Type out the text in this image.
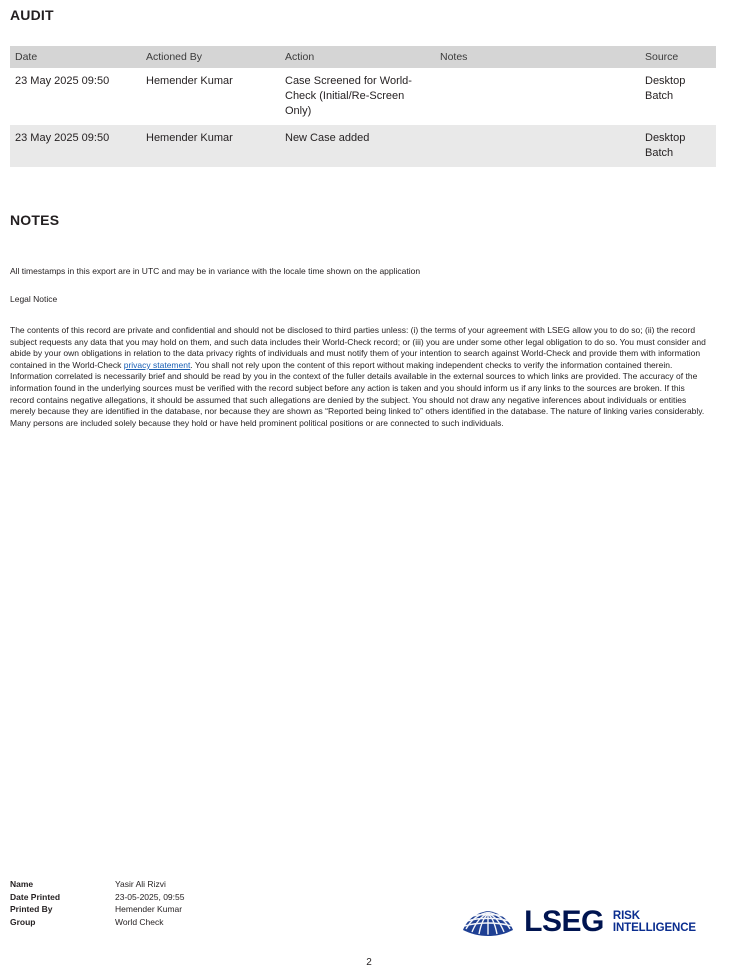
AUDIT
Date	Actioned By	Action	Notes	Source
23 May 2025 09:50	Hemender Kumar	Case Screened for World-Check (Initial/Re-Screen Only)		Desktop Batch
23 May 2025 09:50	Hemender Kumar	New Case added		Desktop Batch
NOTES
All timestamps in this export are in UTC and may be in variance with the locale time shown on the application
Legal Notice
The contents of this record are private and confidential and should not be disclosed to third parties unless: (i) the terms of your agreement with LSEG allow you to do so; (ii) the record subject requests any data that you may hold on them, and such data includes their World-Check record; or (iii) you are under some other legal obligation to do so. You must consider and abide by your own obligations in relation to the data privacy rights of individuals and must notify them of your intention to search against World-Check and provide them with information contained in the World-Check privacy statement. You shall not rely upon the content of this report without making independent checks to verify the information contained therein. Information correlated is necessarily brief and should be read by you in the context of the fuller details available in the external sources to which links are provided. The accuracy of the information found in the underlying sources must be verified with the record subject before any action is taken and you should inform us if any links to the sources are broken. If this record contains negative allegations, it should be assumed that such allegations are denied by the subject. You should not draw any negative inferences about individuals or entities merely because they are identified in the database, nor because they are shown as “Reported being linked to” others identified in the database. The nature of linking varies considerably. Many persons are included solely because they hold or have held prominent political positions or are connected to such individuals.
Name	Yasir Ali Rizvi
Date Printed	23-05-2025, 09:55
Printed By	Hemender Kumar
Group	World Check	LSEG RISK
INTELLIGENCE
2
